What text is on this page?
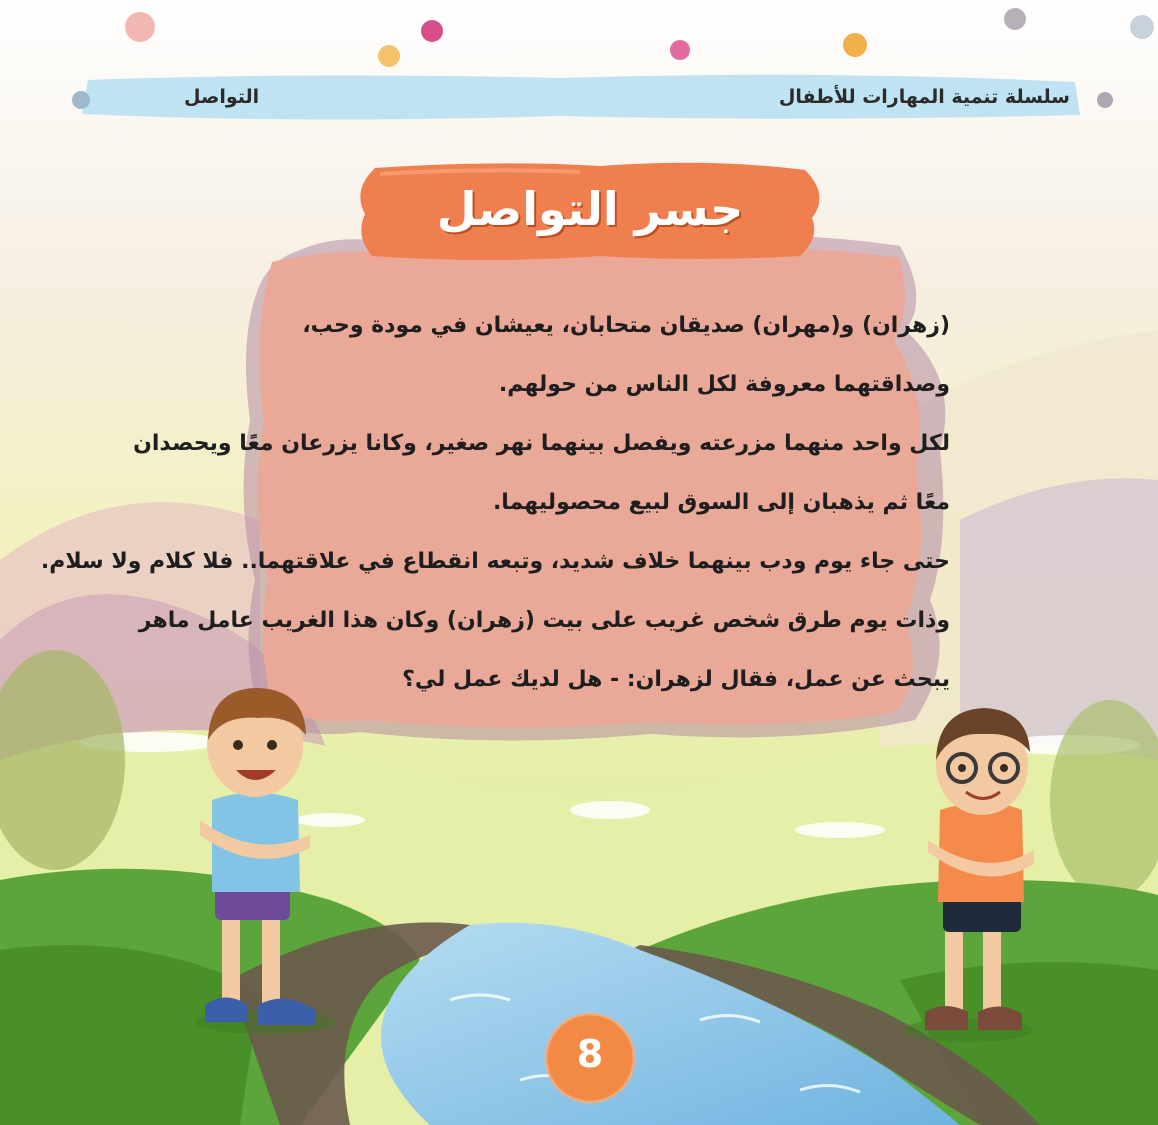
سلسلة تنمية المهارات للأطفال
التواصل
جسر التواصل
(زهران) و(مهران) صديقان متحابان، يعيشان في مودة وحب،
وصداقتهما معروفة لكل الناس من حولهم.
لكل واحد منهما مزرعته ويفصل بينهما نهر صغير، وكانا يزرعان معًا ويحصدان
معًا ثم يذهبان إلى السوق لبيع محصوليهما.
حتى جاء يوم ودب بينهما خلاف شديد، وتبعه انقطاع في علاقتهما.. فلا كلام ولا سلام.
وذات يوم طرق شخص غريب على بيت (زهران) وكان هذا الغريب عامل ماهر
يبحث عن عمل، فقال لزهران: - هل لديك عمل لي؟
8
